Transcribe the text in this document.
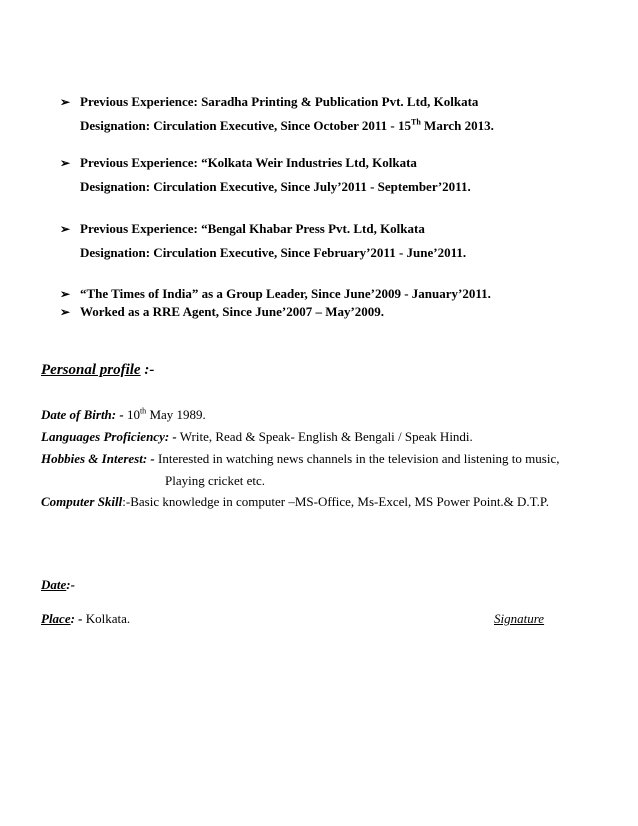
➢ Previous Experience: Saradha Printing & Publication Pvt. Ltd, Kolkata
Designation: Circulation Executive, Since October 2011 - 15Th March 2013.
➢ Previous Experience: “Kolkata Weir Industries Ltd, Kolkata
Designation: Circulation Executive, Since July’2011 - September’2011.
➢ Previous Experience: “Bengal Khabar Press Pvt. Ltd, Kolkata
Designation: Circulation Executive, Since February’2011 - June’2011.
➢ “The Times of India” as a Group Leader, Since June’2009 - January’2011.
➢ Worked as a RRE Agent, Since June’2007 – May’2009.
Personal profile :-
Date of Birth: - 10th May 1989.
Languages Proficiency: - Write, Read & Speak- English & Bengali / Speak Hindi.
Hobbies & Interest: - Interested in watching news channels in the television and listening to music,
Playing cricket etc.
Computer Skill:-Basic knowledge in computer –MS-Office, Ms-Excel, MS Power Point.& D.T.P.
Date:-
Place: - Kolkata.	Signature
